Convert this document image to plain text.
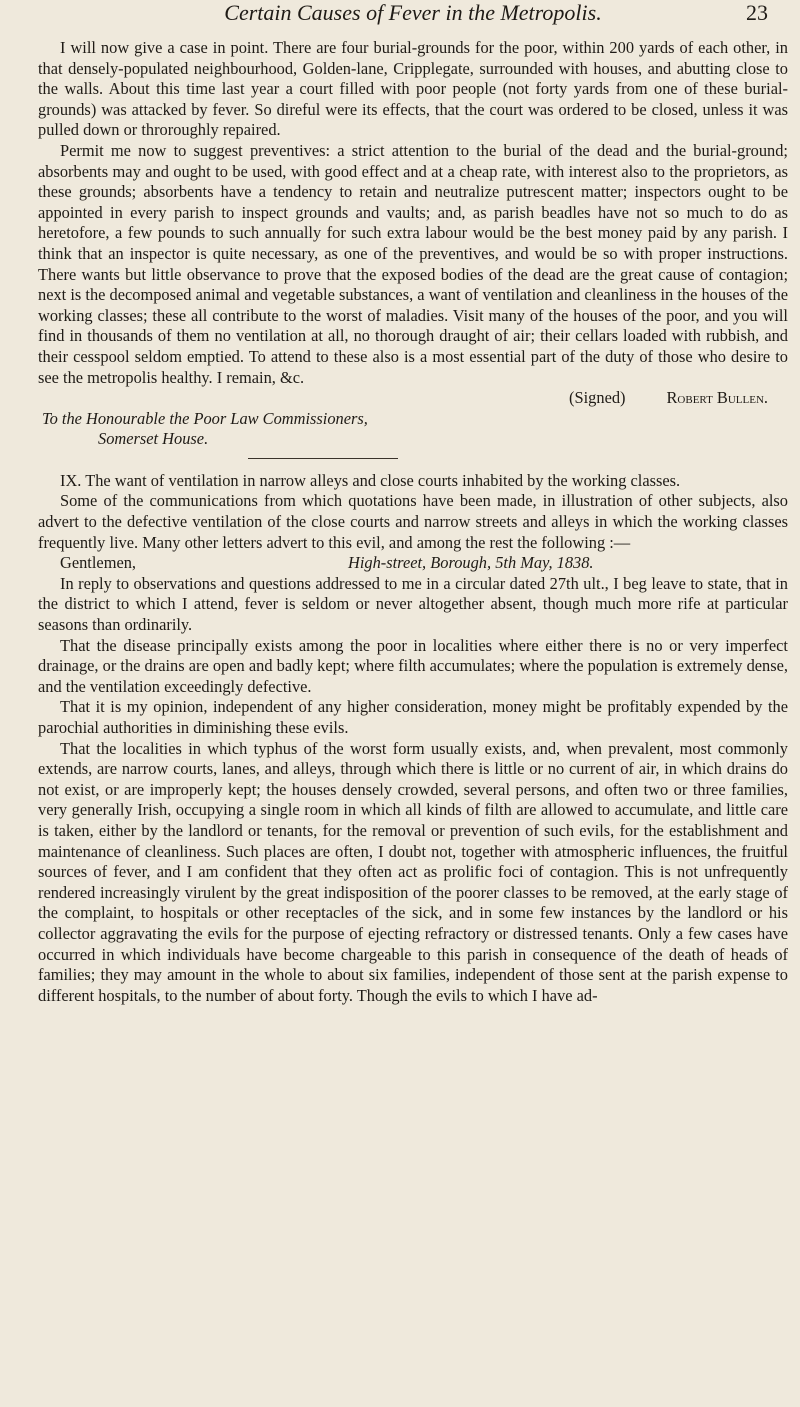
Certain Causes of Fever in the Metropolis.	23

I will now give a case in point. There are four burial-grounds for the poor, within 200 yards of each other, in that densely-populated neighbourhood, Golden-lane, Cripplegate, surrounded with houses, and abutting close to the walls. About this time last year a court filled with poor people (not forty yards from one of these burial-grounds) was attacked by fever. So direful were its effects, that the court was ordered to be closed, unless it was pulled down or throroughly repaired.

Permit me now to suggest preventives: a strict attention to the burial of the dead and the burial-ground; absorbents may and ought to be used, with good effect and at a cheap rate, with interest also to the proprietors, as these grounds; absorbents have a tendency to retain and neutralize putrescent matter; inspectors ought to be appointed in every parish to inspect grounds and vaults; and, as parish beadles have not so much to do as heretofore, a few pounds to such annually for such extra labour would be the best money paid by any parish. I think that an inspector is quite necessary, as one of the preventives, and would be so with proper instructions. There wants but little observance to prove that the exposed bodies of the dead are the great cause of contagion; next is the decomposed animal and vegetable substances, a want of ventilation and cleanliness in the houses of the working classes; these all contribute to the worst of maladies. Visit many of the houses of the poor, and you will find in thousands of them no ventilation at all, no thorough draught of air; their cellars loaded with rubbish, and their cesspool seldom emptied. To attend to these also is a most essential part of the duty of those who desire to see the metropolis healthy. I remain, &c.

(Signed) Robert Bullen.

To the Honourable the Poor Law Commissioners,

Somerset House.

IX. The want of ventilation in narrow alleys and close courts inhabited by the working classes.

Some of the communications from which quotations have been made, in illustration of other subjects, also advert to the defective ventilation of the close courts and narrow streets and alleys in which the working classes frequently live. Many other letters advert to this evil, and among the rest the following :—

Gentlemen,	High-street, Borough, 5th May, 1838.

In reply to observations and questions addressed to me in a circular dated 27th ult., I beg leave to state, that in the district to which I attend, fever is seldom or never altogether absent, though much more rife at particular seasons than ordinarily.

That the disease principally exists among the poor in localities where either there is no or very imperfect drainage, or the drains are open and badly kept; where filth accumulates; where the population is extremely dense, and the ventilation exceedingly defective.

That it is my opinion, independent of any higher consideration, money might be profitably expended by the parochial authorities in diminishing these evils.

That the localities in which typhus of the worst form usually exists, and, when prevalent, most commonly extends, are narrow courts, lanes, and alleys, through which there is little or no current of air, in which drains do not exist, or are improperly kept; the houses densely crowded, several persons, and often two or three families, very generally Irish, occupying a single room in which all kinds of filth are allowed to accumulate, and little care is taken, either by the landlord or tenants, for the removal or prevention of such evils, for the establishment and maintenance of cleanliness. Such places are often, I doubt not, together with atmospheric influences, the fruitful sources of fever, and I am confident that they often act as prolific foci of contagion. This is not unfrequently rendered increasingly virulent by the great indisposition of the poorer classes to be removed, at the early stage of the complaint, to hospitals or other receptacles of the sick, and in some few instances by the landlord or his collector aggravating the evils for the purpose of ejecting refractory or distressed tenants. Only a few cases have occurred in which individuals have become chargeable to this parish in consequence of the death of heads of families; they may amount in the whole to about six families, independent of those sent at the parish expense to different hospitals, to the number of about forty. Though the evils to which I have ad-
